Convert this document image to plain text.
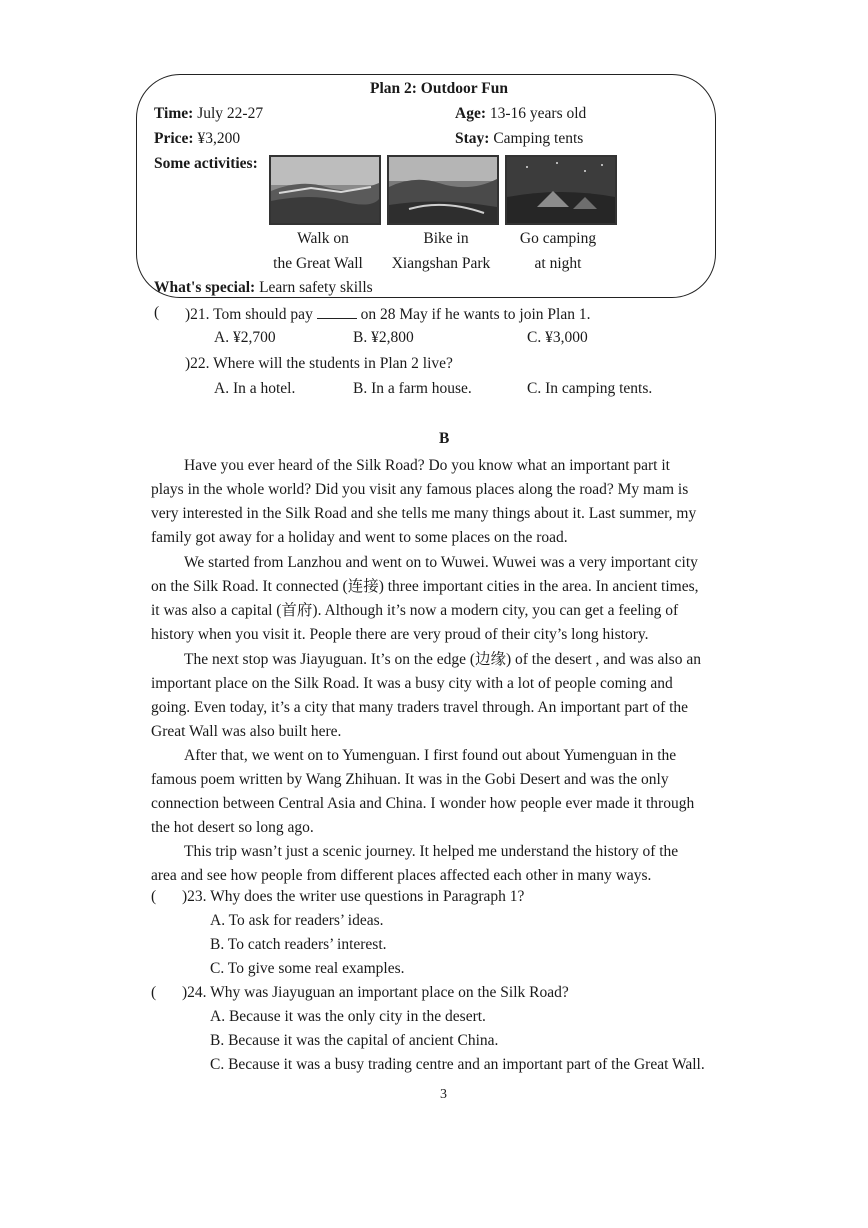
Plan 2: Outdoor Fun
Time: July 22-27	Age: 13-16 years old
Price: ¥3,200	Stay: Camping tents
Some activities:
Walk on
the Great Wall
Bike in
Xiangshan Park
Go camping
at night
What's special: Learn safety skills
( )21. Tom should pay	on 28 May if he wants to join Plan 1.
A. ¥2,700	B. ¥2,800	C. ¥3,000
)22. Where will the students in Plan 2 live?
A. In a hotel.	B. In a farm house.	C. In camping tents.
B
Have you ever heard of the Silk Road? Do you know what an important part it
plays in the whole world? Did you visit any famous places along the road? My mam is
very interested in the Silk Road and she tells me many things about it. Last summer, my
family got away for a holiday and went to some places on the road.
We started from Lanzhou and went on to Wuwei. Wuwei was a very important city
on the Silk Road. It connected (连接) three important cities in the area. In ancient times,
it was also a capital (首府). Although it’s now a modern city, you can get a feeling of
history when you visit it. People there are very proud of their city’s long history.
The next stop was Jiayuguan. It’s on the edge (边缘) of the desert , and was also an
important place on the Silk Road. It was a busy city with a lot of people coming and
going. Even today, it’s a city that many traders travel through. An important part of the
Great Wall was also built here.
After that, we went on to Yumenguan. I first found out about Yumenguan in the
famous poem written by Wang Zhihuan. It was in the Gobi Desert and was the only
connection between Central Asia and China. I wonder how people ever made it through
the hot desert so long ago.
This trip wasn’t just a scenic journey. It helped me understand the history of the
area and see how people from different places affected each other in many ways.
( )23. Why does the writer use questions in Paragraph 1?
A. To ask for readers’ ideas.
B. To catch readers’ interest.
C. To give some real examples.
( )24. Why was Jiayuguan an important place on the Silk Road?
A. Because it was the only city in the desert.
B. Because it was the capital of ancient China.
C. Because it was a busy trading centre and an important part of the Great Wall.
3
